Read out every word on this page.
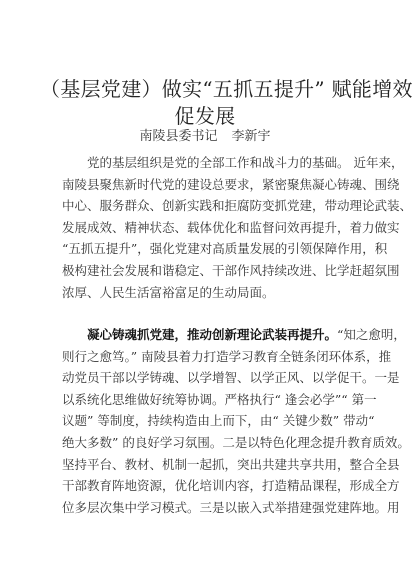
（基层党建）做实“五抓五提升” 赋能增效
促发展
南陵县委书记 李新宇
党的基层组织是党的全部工作和战斗力的基础。 近年来，
南陵县聚焦新时代党的建设总要求，紧密聚焦凝心铸魂、围绕
中心、服务群众、创新实践和拒腐防变抓党建，带动理论武装、
发展成效、精神状态、载体优化和监督问效再提升，着力做实
“五抓五提升”，强化党建对高质量发展的引领保障作用，积
极构建社会发展和谐稳定、干部作风持续改进、比学赶超氛围
浓厚、人民生活富裕富足的生动局面。
凝心铸魂抓党建，推动创新理论武装再提升。“知之愈明，
则行之愈笃。” 南陵县着力打造学习教育全链条闭环体系，推
动党员干部以学铸魂、以学增智、以学正风、以学促干。一是
以系统化思维做好统筹协调。严格执行“ 逢会必学”“ 第一
议题” 等制度，持续构造由上而下，由“ 关键少数” 带动“
绝大多数” 的良好学习氛围。二是以特色化理念提升教育质效。
坚持平台、教材、机制一起抓，突出共建共享共用，整合全县
干部教育阵地资源，优化培训内容，打造精品课程，形成全方
位多层次集中学习模式。三是以嵌入式举措建强党建阵地。用
